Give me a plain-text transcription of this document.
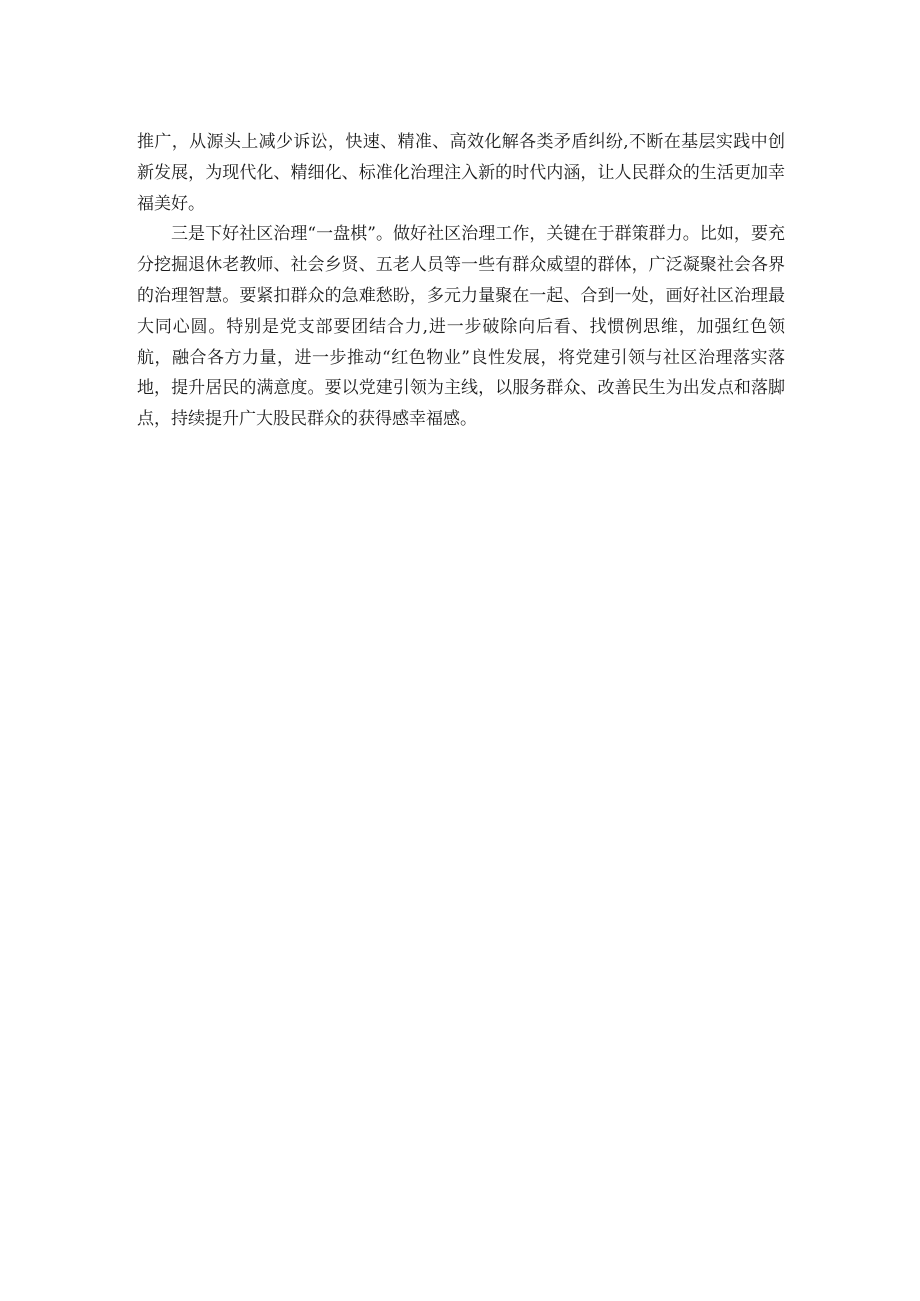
推广，从源头上减少诉讼，快速、精准、高效化解各类矛盾纠纷,不断在基层实践中创新发展，为现代化、精细化、标准化治理注入新的时代内涵，让人民群众的生活更加幸福美好。

三是下好社区治理“一盘棋”。做好社区治理工作，关键在于群策群力。比如，要充分挖掘退休老教师、社会乡贤、五老人员等一些有群众威望的群体，广泛凝聚社会各界的治理智慧。要紧扣群众的急难愁盼，多元力量聚在一起、合到一处，画好社区治理最大同心圆。特别是党支部要团结合力,进一步破除向后看、找惯例思维，加强红色领航，融合各方力量，进一步推动“红色物业”良性发展，将党建引领与社区治理落实落地，提升居民的满意度。要以党建引领为主线，以服务群众、改善民生为出发点和落脚点，持续提升广大股民群众的获得感幸福感。
